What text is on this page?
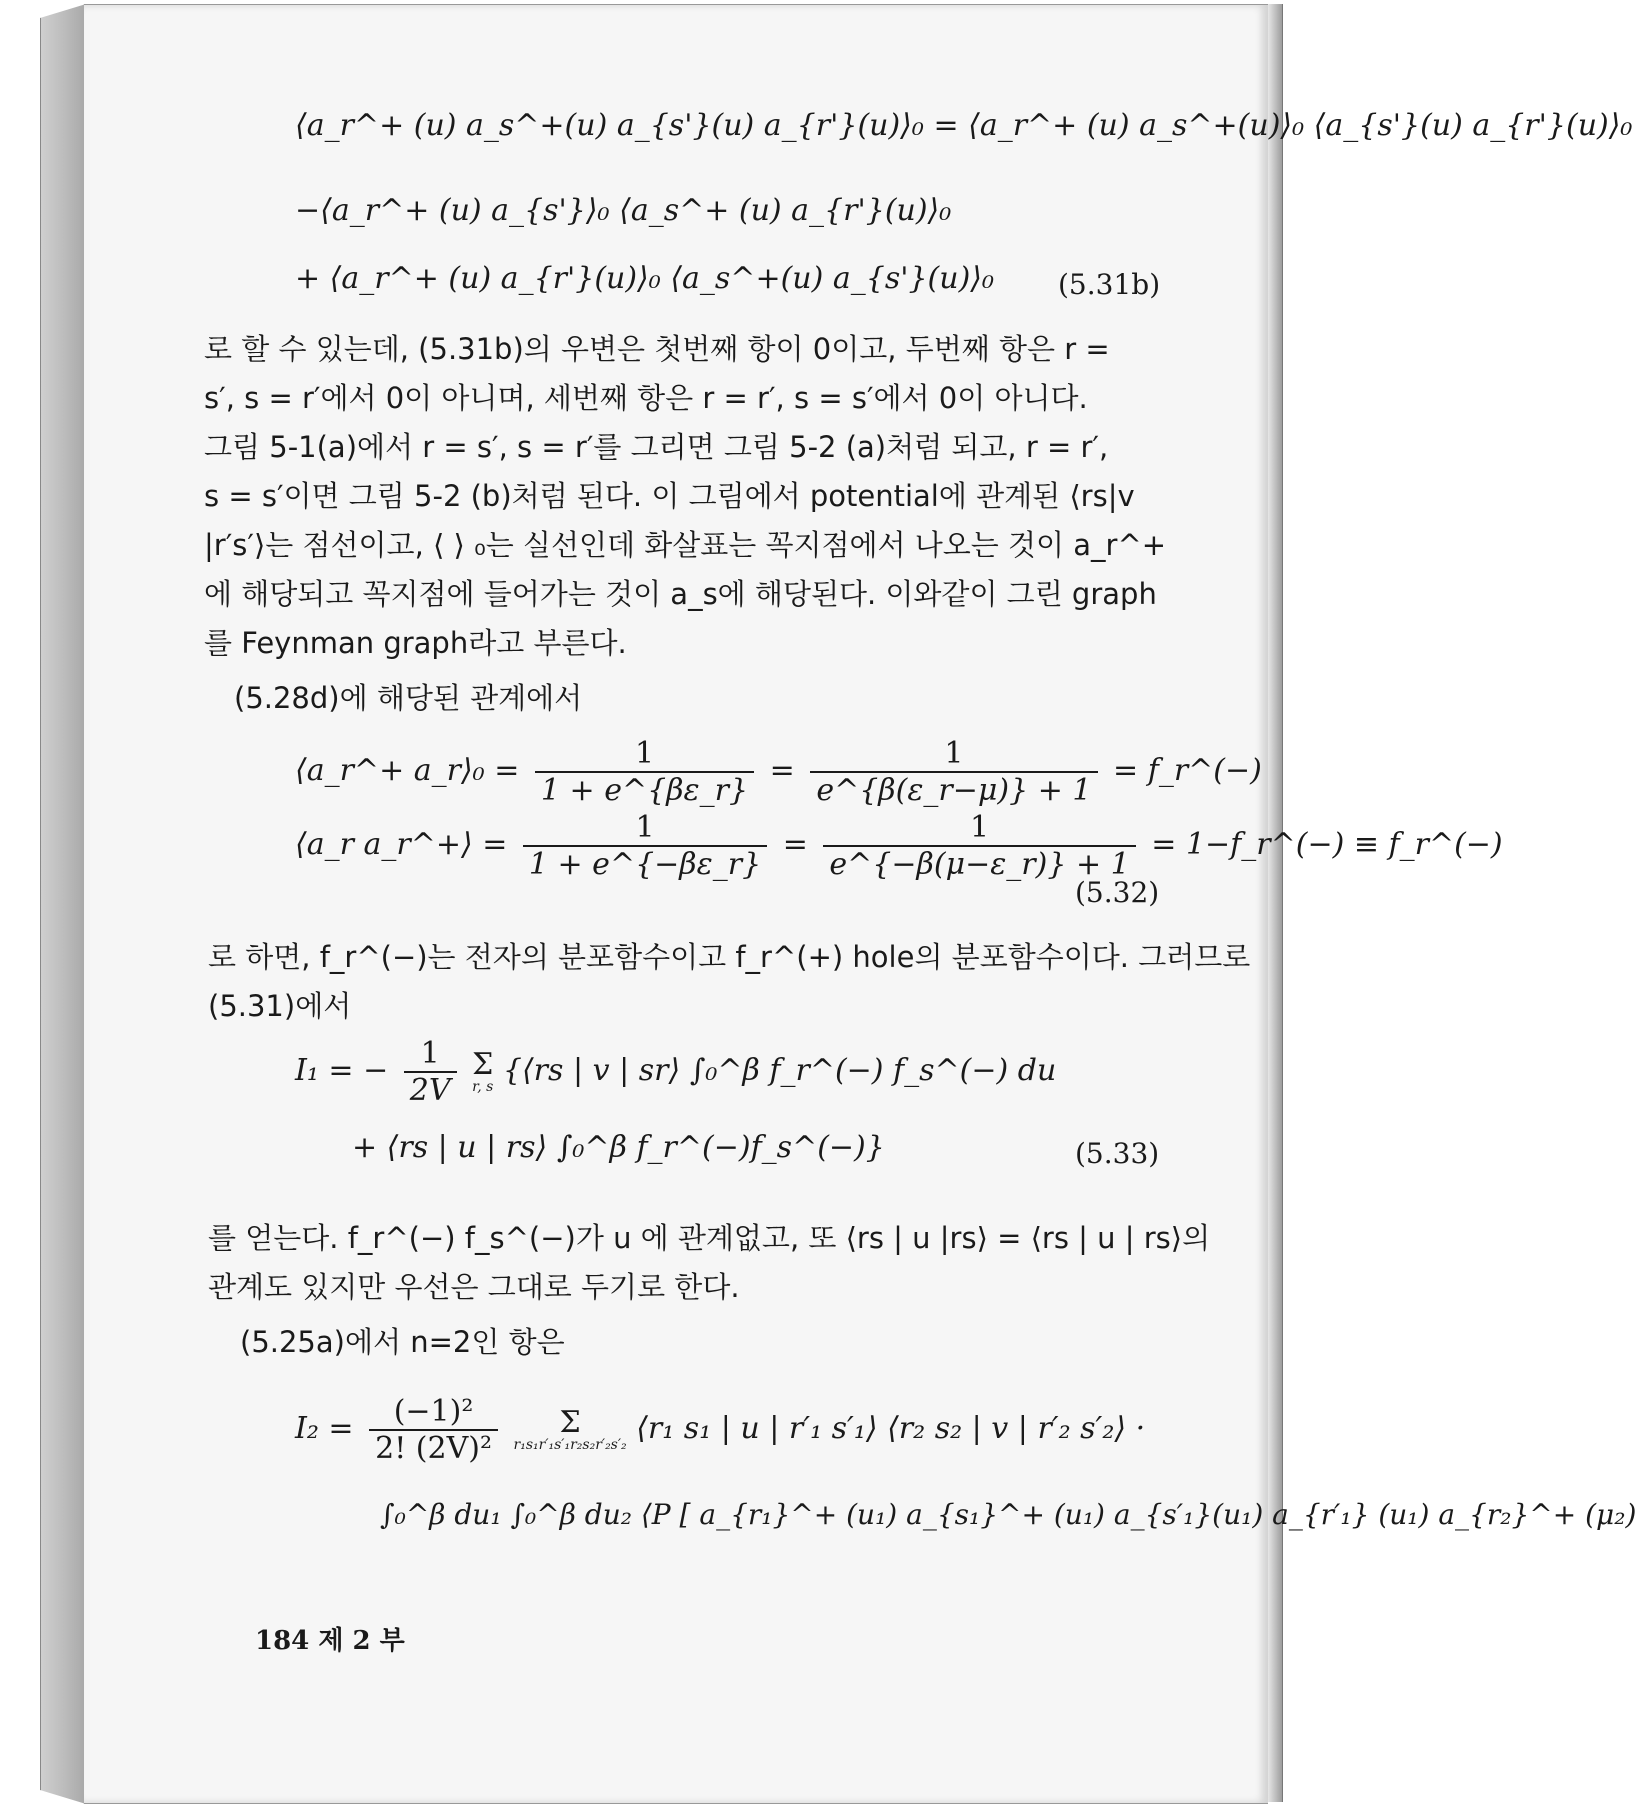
⟨a_r^+ (u) a_s^+(u) a_{s'}(u) a_{r'}(u)⟩₀ = ⟨a_r^+ (u) a_s^+(u)⟩₀ ⟨a_{s'}(u) a_{r'}(u)⟩₀
−⟨a_r^+ (u) a_{s'}⟩₀ ⟨a_s^+ (u) a_{r'}(u)⟩₀
+ ⟨a_r^+ (u) a_{r'}(u)⟩₀ ⟨a_s^+(u) a_{s'}(u)⟩₀ (5.31b)
로 할 수 있는데, (5.31b)의 우변은 첫번째 항이 0이고, 두번째 항은 r =
s′, s = r′에서 0이 아니며, 세번째 항은 r = r′, s = s′에서 0이 아니다.
그림 5-1(a)에서 r = s′, s = r′를 그리면 그림 5-2 (a)처럼 되고, r = r′,
s = s′이면 그림 5-2 (b)처럼 된다. 이 그림에서 potential에 관계된 ⟨rs|v
|r′s′⟩는 점선이고, ⟨ ⟩ ₀는 실선인데 화살표는 꼭지점에서 나오는 것이 a_r^+
에 해당되고 꼭지점에 들어가는 것이 a_s에 해당된다. 이와같이 그린 graph
를 Feynman graph라고 부른다.
(5.28d)에 해당된 관계에서
⟨a_r^+ a_r⟩₀ = $\frac{1}{1 + e\^{}\{\beta\varepsilon\_r\}} = \frac{1}{e\^{}\{\beta(\varepsilon\_r-\mu)\} + 1}$ = f_r^(−)
⟨a_r a_r^+⟩ = $\frac{1}{1 + e\^{}\{-\beta\varepsilon\_r\}} = \frac{1}{e\^{}\{-\beta(\mu-\varepsilon\_r)\} + 1}$ = 1−f_r^(−) ≡ f_r^(−)
(5.32)
로 하면, f_r^(−)는 전자의 분포함수이고 f_r^(+) hole의 분포함수이다. 그러므로
(5.31)에서
I₁ = − $\frac{1}{2V}$
Σ
r, s {⟨rs | v | sr⟩ ∫₀^β f_r^(−) f_s^(−) du
+ ⟨rs | u | rs⟩ ∫₀^β f_r^(−)f_s^(−)}	(5.33)
를 얻는다. f_r^(−) f_s^(−)가 u 에 관계없고, 또 ⟨rs | u |rs⟩ = ⟨rs | u | rs⟩의
관계도 있지만 우선은 그대로 두기로 한다.
(5.25a)에서 n=2인 항은
$I_2 = \frac{\text{(−1)²}}{\text{2! (2V)²}}$
	Σ
r₁s₁r′₁s′₁r₂s₂r′₂s′₂ ⟨r₁ s₁ | u | r′₁ s′₁⟩ ⟨r₂ s₂ | v | r′₂ s′₂⟩ ·
∫₀^β du₁ ∫₀^β du₂ ⟨P [ a_{r₁}^+ (u₁) a_{s₁}^+ (u₁) a_{s′₁}(u₁) a_{r′₁} (u₁) a_{r₂}^+ (μ₂)
184 제 2 부
